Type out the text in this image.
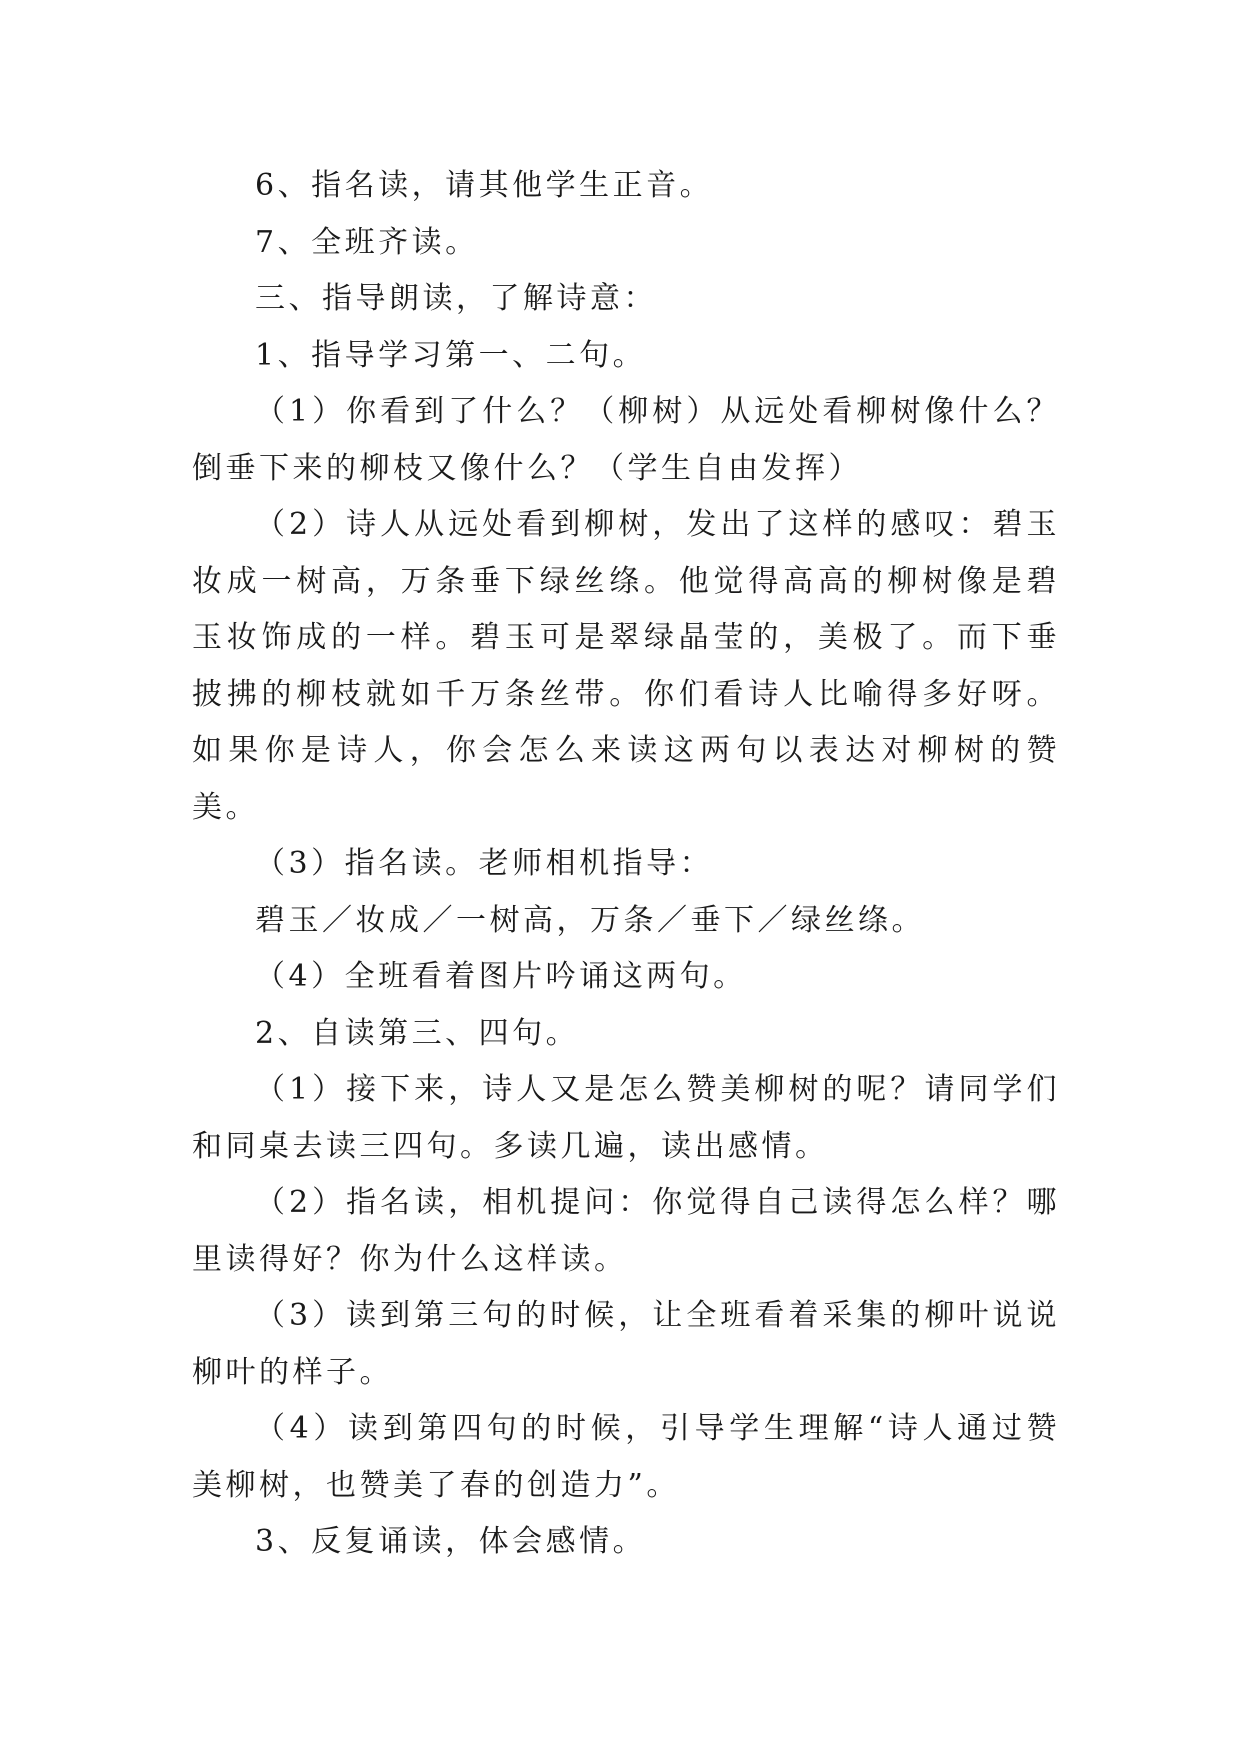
6、指名读，请其他学生正音。

7、全班齐读。

三、指导朗读，了解诗意：

1、指导学习第一、二句。

（1）你看到了什么？（柳树）从远处看柳树像什么？倒垂下来的柳枝又像什么？（学生自由发挥）

（2）诗人从远处看到柳树，发出了这样的感叹：碧玉妆成一树高，万条垂下绿丝绦。他觉得高高的柳树像是碧玉妆饰成的一样。碧玉可是翠绿晶莹的，美极了。而下垂披拂的柳枝就如千万条丝带。你们看诗人比喻得多好呀。如果你是诗人，你会怎么来读这两句以表达对柳树的赞美。

（3）指名读。老师相机指导：

碧玉／妆成／一树高，万条／垂下／绿丝绦。

（4）全班看着图片吟诵这两句。

2、自读第三、四句。

（1）接下来，诗人又是怎么赞美柳树的呢？请同学们和同桌去读三四句。多读几遍，读出感情。

（2）指名读，相机提问：你觉得自己读得怎么样？哪里读得好？你为什么这样读。

（3）读到第三句的时候，让全班看着采集的柳叶说说柳叶的样子。

（4）读到第四句的时候，引导学生理解“诗人通过赞美柳树，也赞美了春的创造力”。

3、反复诵读，体会感情。
